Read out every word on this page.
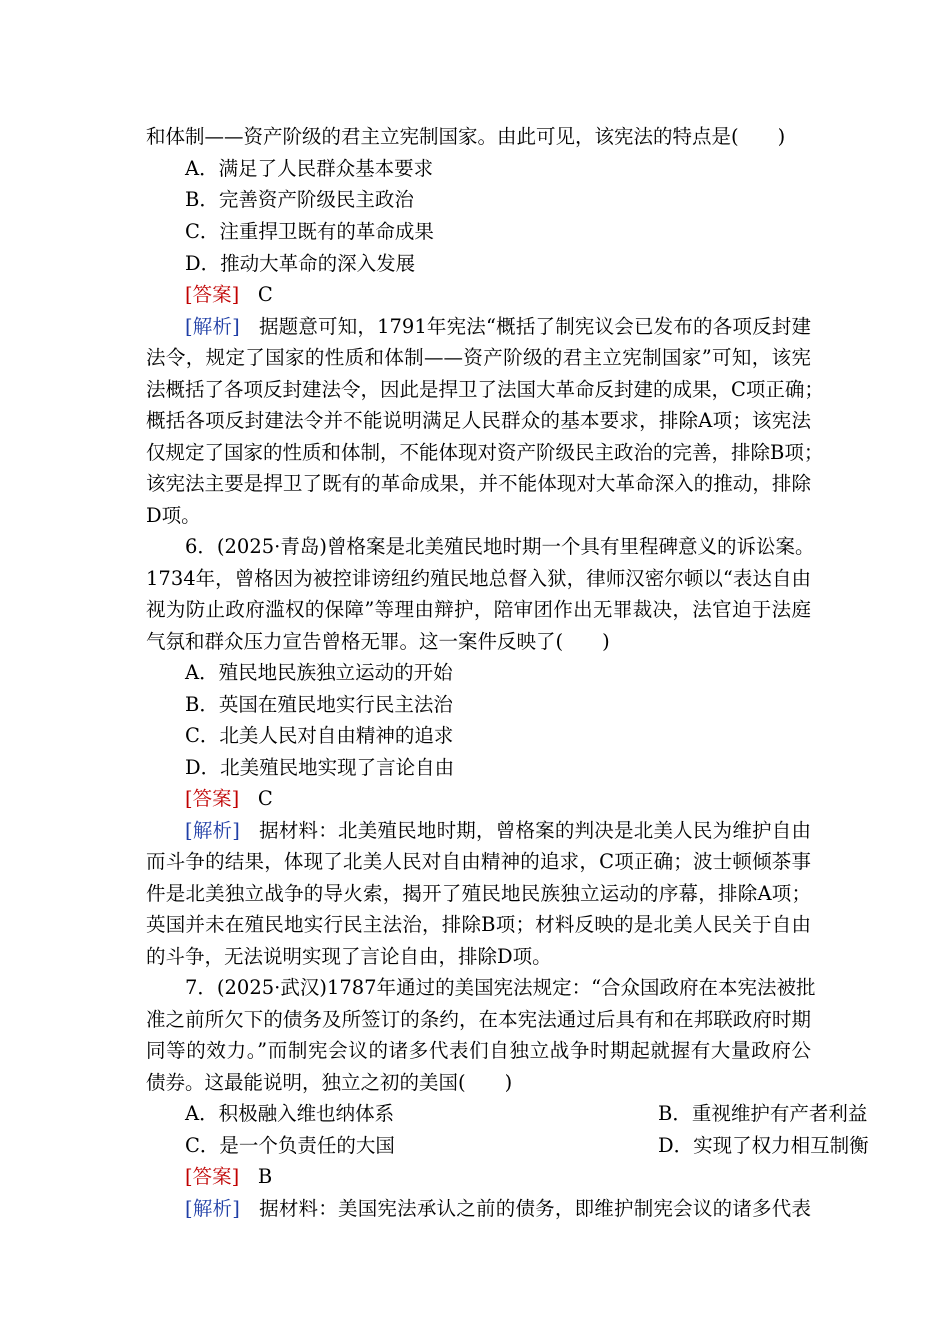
和体制——资产阶级的君主立宪制国家。由此可见，该宪法的特点是(　　)
A．满足了人民群众基本要求
B．完善资产阶级民主政治
C．注重捍卫既有的革命成果
D．推动大革命的深入发展
[答案] C
[解析] 据题意可知，1791年宪法“概括了制宪议会已发布的各项反封建
法令，规定了国家的性质和体制——资产阶级的君主立宪制国家”可知，该宪
法概括了各项反封建法令，因此是捍卫了法国大革命反封建的成果，C项正确；
概括各项反封建法令并不能说明满足人民群众的基本要求，排除A项；该宪法
仅规定了国家的性质和体制，不能体现对资产阶级民主政治的完善，排除B项；
该宪法主要是捍卫了既有的革命成果，并不能体现对大革命深入的推动，排除
D项。
6．(2025·青岛)曾格案是北美殖民地时期一个具有里程碑意义的诉讼案。
1734年，曾格因为被控诽谤纽约殖民地总督入狱，律师汉密尔顿以“表达自由
视为防止政府滥权的保障”等理由辩护，陪审团作出无罪裁决，法官迫于法庭
气氛和群众压力宣告曾格无罪。这一案件反映了(　　)
A．殖民地民族独立运动的开始
B．英国在殖民地实行民主法治
C．北美人民对自由精神的追求
D．北美殖民地实现了言论自由
[答案] C
[解析] 据材料：北美殖民地时期，曾格案的判决是北美人民为维护自由
而斗争的结果，体现了北美人民对自由精神的追求，C项正确；波士顿倾茶事
件是北美独立战争的导火索，揭开了殖民地民族独立运动的序幕，排除A项；
英国并未在殖民地实行民主法治，排除B项；材料反映的是北美人民关于自由
的斗争，无法说明实现了言论自由，排除D项。
7．(2025·武汉)1787年通过的美国宪法规定：“合众国政府在本宪法被批
准之前所欠下的债务及所签订的条约，在本宪法通过后具有和在邦联政府时期
同等的效力。”而制宪会议的诸多代表们自独立战争时期起就握有大量政府公
债券。这最能说明，独立之初的美国(　　)
A．积极融入维也纳体系	B．重视维护有产者利益
C．是一个负责任的大国	D．实现了权力相互制衡
[答案] B
[解析] 据材料：美国宪法承认之前的债务，即维护制宪会议的诸多代表
